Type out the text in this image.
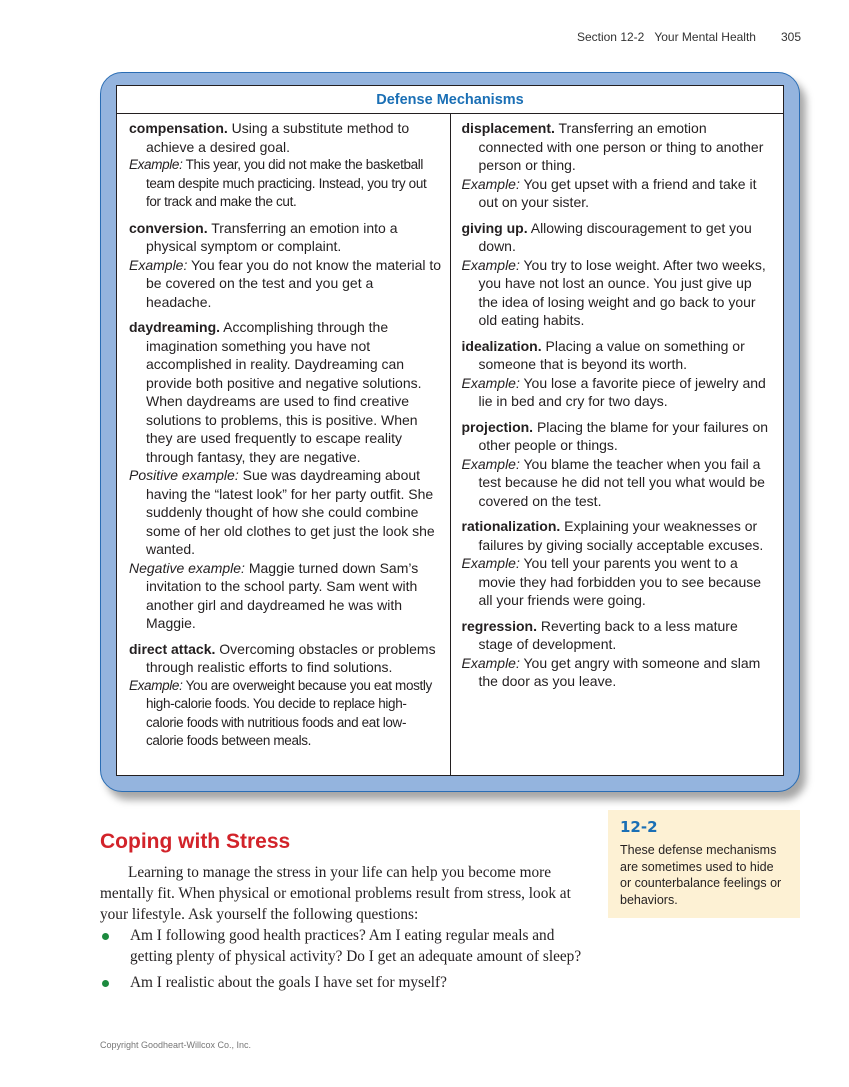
Section 12-2 Your Mental Health 305
Defense Mechanisms

compensation. Using a substitute method to achieve a desired goal.

Example: This year, you did not make the basketball team despite much practicing. Instead, you try out for track and make the cut.

conversion. Transferring an emotion into a physical symptom or complaint.

Example: You fear you do not know the material to be covered on the test and you get a headache.

daydreaming. Accomplishing through the imagination something you have not accomplished in reality. Daydreaming can provide both positive and negative solutions. When daydreams are used to find creative solutions to problems, this is positive. When they are used frequently to escape reality through fantasy, they are negative.

Positive example: Sue was daydreaming about having the “latest look” for her party outfit. She suddenly thought of how she could combine some of her old clothes to get just the look she wanted.

Negative example: Maggie turned down Sam’s invitation to the school party. Sam went with another girl and daydreamed he was with Maggie.

direct attack. Overcoming obstacles or problems through realistic efforts to find solutions.

Example: You are overweight because you eat mostly high-calorie foods. You decide to replace high-calorie foods with nutritious foods and eat low-calorie foods between meals.

displacement. Transferring an emotion connected with one person or thing to another person or thing.

Example: You get upset with a friend and take it out on your sister.

giving up. Allowing discouragement to get you down.

Example: You try to lose weight. After two weeks, you have not lost an ounce. You just give up the idea of losing weight and go back to your old eating habits.

idealization. Placing a value on something or someone that is beyond its worth.

Example: You lose a favorite piece of jewelry and lie in bed and cry for two days.

projection. Placing the blame for your failures on other people or things.

Example: You blame the teacher when you fail a test because he did not tell you what would be covered on the test.

rationalization. Explaining your weaknesses or failures by giving socially acceptable excuses.

Example: You tell your parents you went to a movie they had forbidden you to see because all your friends were going.

regression. Reverting back to a less mature stage of development.

Example: You get angry with someone and slam the door as you leave.

Coping with Stress

Learning to manage the stress in your life can help you become more mentally fit. When physical or emotional problems result from stress, look at your lifestyle. Ask yourself the following questions:

Am I following good health practices? Am I eating regular meals and getting plenty of physical activity? Do I get an adequate amount of sleep?
Am I realistic about the goals I have set for myself?
12-2
These defense mechanisms are sometimes used to hide or counterbalance feelings or behaviors.
Copyright Goodheart-Willcox Co., Inc.
